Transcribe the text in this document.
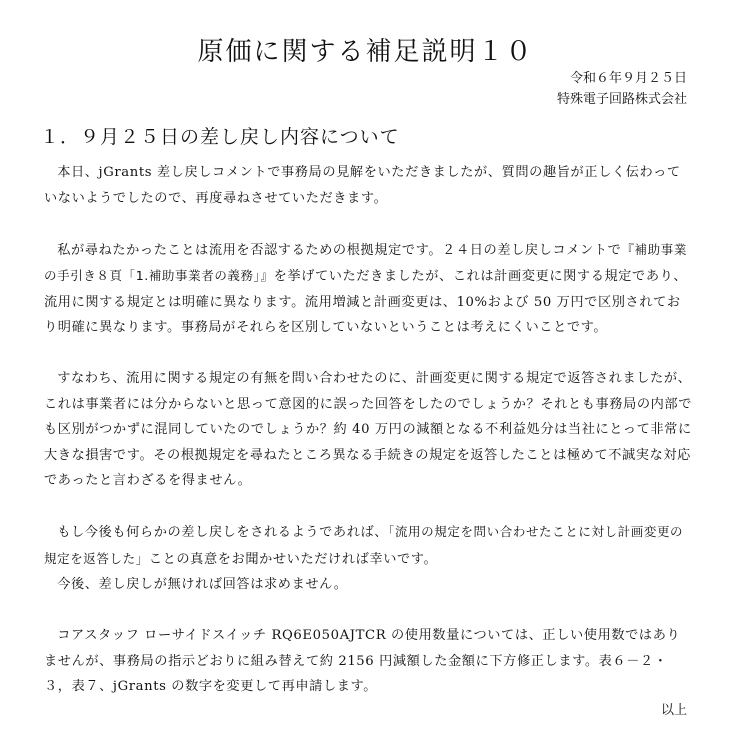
原価に関する補足説明１０
令和６年９月２５日
特殊電子回路株式会社
１．９月２５日の差し戻し内容について

本日、jGrants 差し戻しコメントで事務局の見解をいただきましたが、質問の趣旨が正しく伝わっていないようでしたので、再度尋ねさせていただきます。

私が尋ねたかったことは流用を否認するための根拠規定です。２４日の差し戻しコメントで『補助事業の手引き８頁「1.補助事業者の義務」』を挙げていただきましたが、これは計画変更に関する規定であり、流用に関する規定とは明確に異なります。流用増減と計画変更は、10%および 50 万円で区別されており明確に異なります。事務局がそれらを区別していないということは考えにくいことです。

すなわち、流用に関する規定の有無を問い合わせたのに、計画変更に関する規定で返答されましたが、これは事業者には分からないと思って意図的に誤った回答をしたのでしょうか？それとも事務局の内部でも区別がつかずに混同していたのでしょうか？約 40 万円の減額となる不利益処分は当社にとって非常に大きな損害です。その根拠規定を尋ねたところ異なる手続きの規定を返答したことは極めて不誠実な対応であったと言わざるを得ません。

もし今後も何らかの差し戻しをされるようであれば、「流用の規定を問い合わせたことに対し計画変更の規定を返答した」ことの真意をお聞かせいただければ幸いです。

今後、差し戻しが無ければ回答は求めません。

コアスタッフ ローサイドスイッチ RQ6E050AJTCR の使用数量については、正しい使用数ではありませんが、事務局の指示どおりに組み替えて約 2156 円減額した金額に下方修正します。表６－２・３，表７、jGrants の数字を変更して再申請します。

以上
